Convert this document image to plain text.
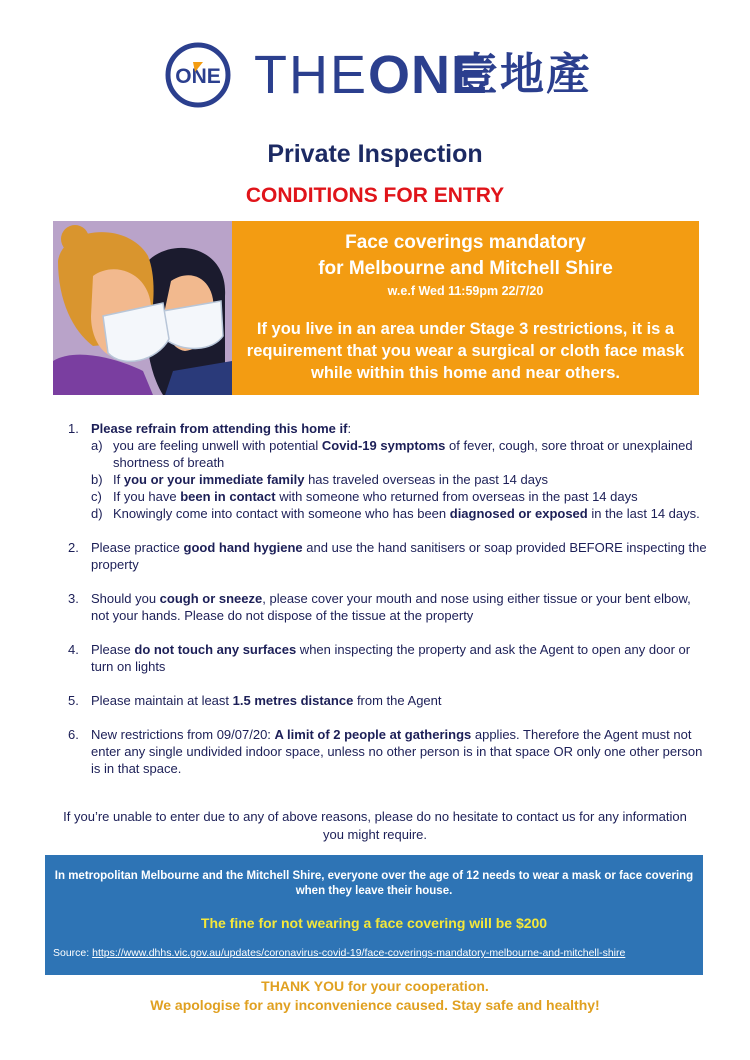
ONE THEONE
壹地產
Private Inspection
CONDITIONS FOR ENTRY
Face coverings mandatory
for Melbourne and Mitchell Shire
w.e.f Wed 11:59pm 22/7/20
If you live in an area under Stage 3 restrictions, it is a requirement that you wear a surgical or cloth face mask while within this home and near others.
1. Please refrain from attending this home if:
a) you are feeling unwell with potential Covid-19 symptoms of fever, cough, sore throat or unexplained shortness of breath
b) If you or your immediate family has traveled overseas in the past 14 days
c) If you have been in contact with someone who returned from overseas in the past 14 days
d) Knowingly come into contact with someone who has been diagnosed or exposed in the last 14 days.
2. Please practice good hand hygiene and use the hand sanitisers or soap provided BEFORE inspecting the property
3. Should you cough or sneeze, please cover your mouth and nose using either tissue or your bent elbow, not your hands. Please do not dispose of the tissue at the property
4. Please do not touch any surfaces when inspecting the property and ask the Agent to open any door or turn on lights
5. Please maintain at least 1.5 metres distance from the Agent
6. New restrictions from 09/07/20: A limit of 2 people at gatherings applies. Therefore the Agent must not enter any single undivided indoor space, unless no other person is in that space OR only one other person is in that space.
If you’re unable to enter due to any of above reasons, please do no hesitate to contact us for any information you might require.
In metropolitan Melbourne and the Mitchell Shire, everyone over the age of 12 needs to wear a mask or face covering when they leave their house.
The fine for not wearing a face covering will be $200
Source: https://www.dhhs.vic.gov.au/updates/coronavirus-covid-19/face-coverings-mandatory-melbourne-and-mitchell-shire
THANK YOU for your cooperation.
We apologise for any inconvenience caused. Stay safe and healthy!
